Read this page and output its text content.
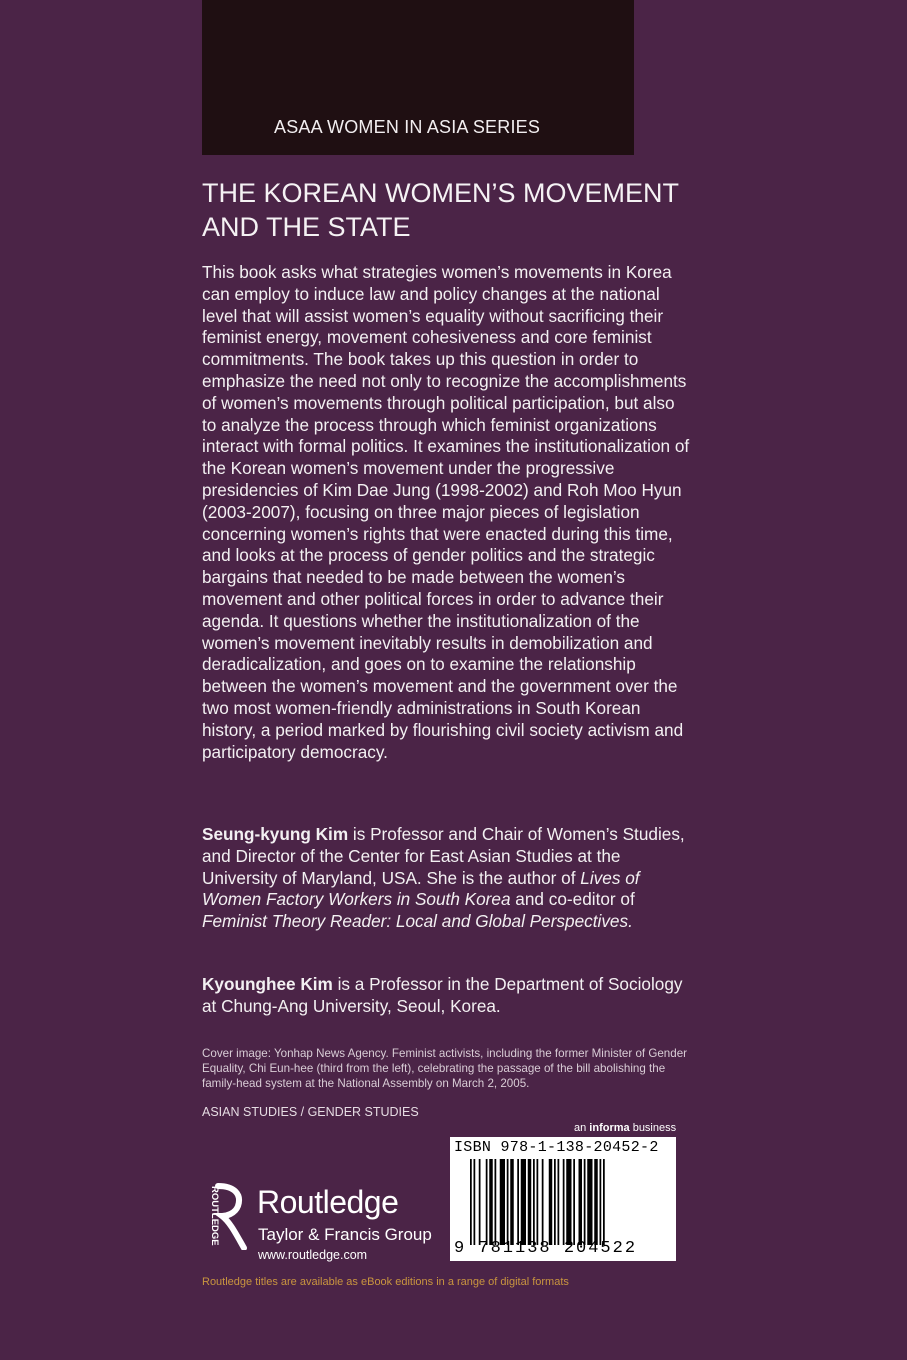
ASAA WOMEN IN ASIA SERIES
THE KOREAN WOMEN’S MOVEMENT
AND THE STATE

This book asks what strategies women’s movements in Korea can employ to induce law and policy changes at the national level that will assist women’s equality without sacrificing their feminist energy, movement cohesiveness and core feminist commitments. The book takes up this question in order to emphasize the need not only to recognize the accomplishments of women’s movements through political participation, but also to analyze the process through which feminist organizations interact with formal politics. It examines the institutionalization of the Korean women’s movement under the progressive presidencies of Kim Dae Jung (1998-2002) and Roh Moo Hyun (2003-2007), focusing on three major pieces of legislation concerning women’s rights that were enacted during this time, and looks at the process of gender politics and the strategic bargains that needed to be made between the women’s movement and other political forces in order to advance their agenda. It questions whether the institutionalization of the women’s movement inevitably results in demobilization and deradicalization, and goes on to examine the relationship between the women’s movement and the government over the two most women-friendly administrations in South Korean history, a period marked by flourishing civil society activism and participatory democracy.

Seung-kyung Kim is Professor and Chair of Women’s Studies, and Director of the Center for East Asian Studies at the University of Maryland, USA. She is the author of Lives of Women Factory Workers in South Korea and co-editor of Feminist Theory Reader: Local and Global Perspectives.

Kyounghee Kim is a Professor in the Department of Sociology at Chung-Ang University, Seoul, Korea.

Cover image: Yonhap News Agency. Feminist activists, including the former Minister of Gender Equality, Chi Eun-hee (third from the left), celebrating the passage of the bill abolishing the family-head system at the National Assembly on March 2, 2005.

ASIAN STUDIES / GENDER STUDIES
an informa business
ISBN 978-1-138-20452-2
9 781138 204522
ROUTLEDGE Routledge
Taylor & Francis Group
www.routledge.com
Routledge titles are available as eBook editions in a range of digital formats
